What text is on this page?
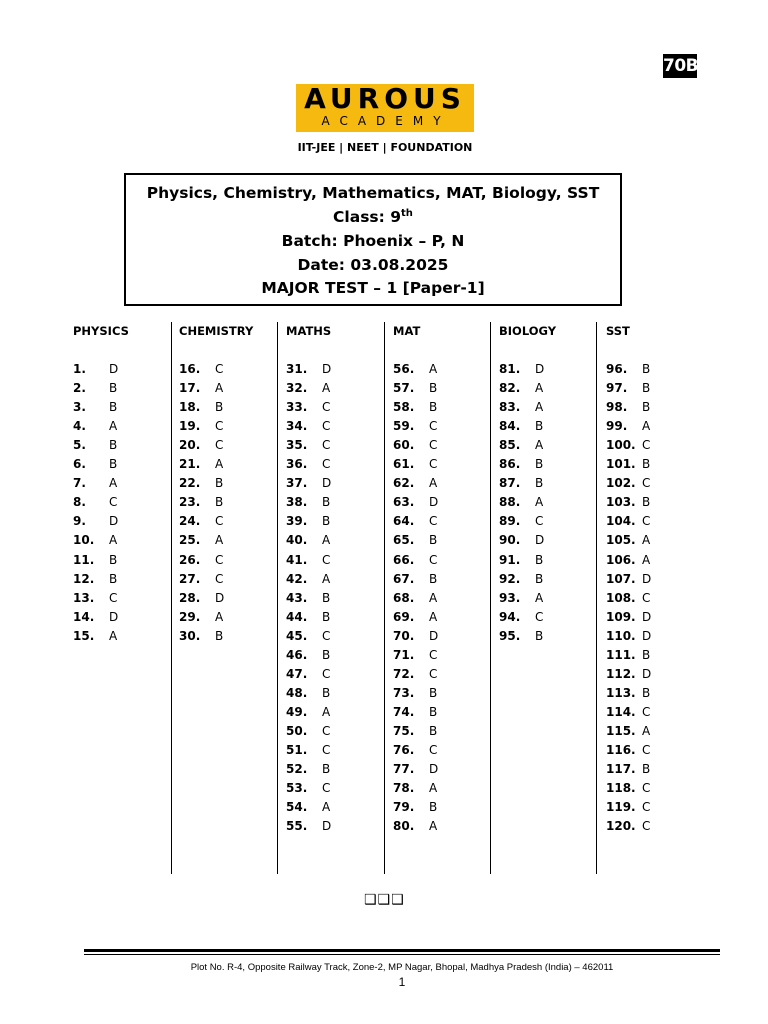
70B
AUROUS
ACADEMY
IIT-JEE | NEET | FOUNDATION
Physics, Chemistry, Mathematics, MAT, Biology, SST
Class: 9th
Batch: Phoenix – P, N
Date: 03.08.2025
MAJOR TEST – 1 [Paper-1]
PHYSICS
1. D
2. B
3. B
4. A
5. B
6. B
7. A
8. C
9. D
10. A
11. B
12. B
13. C
14. D
15. A
CHEMISTRY
16. C
17. A
18. B
19. C
20. C
21. A
22. B
23. B
24. C
25. A
26. C
27. C
28. D
29. A
30. B
MATHS
31. D
32. A
33. C
34. C
35. C
36. C
37. D
38. B
39. B
40. A
41. C
42. A
43. B
44. B
45. C
46. B
47. C
48. B
49. A
50. C
51. C
52. B
53. C
54. A
55. D
MAT
56. A
57. B
58. B
59. C
60. C
61. C
62. A
63. D
64. C
65. B
66. C
67. B
68. A
69. A
70. D
71. C
72. C
73. B
74. B
75. B
76. C
77. D
78. A
79. B
80. A
BIOLOGY
81. D
82. A
83. A
84. B
85. A
86. B
87. B
88. A
89. C
90. D
91. B
92. B
93. A
94. C
95. B
SST
96. B
97. B
98. B
99. A
100. C
101. B
102. C
103. B
104. C
105. A
106. A
107. D
108. C
109. D
110. D
111. B
112. D
113. B
114. C
115. A
116. C
117. B
118. C
119. C
120. C
❑❑❑
Plot No. R-4, Opposite Railway Track, Zone-2, MP Nagar, Bhopal, Madhya Pradesh (India) – 462011
1
